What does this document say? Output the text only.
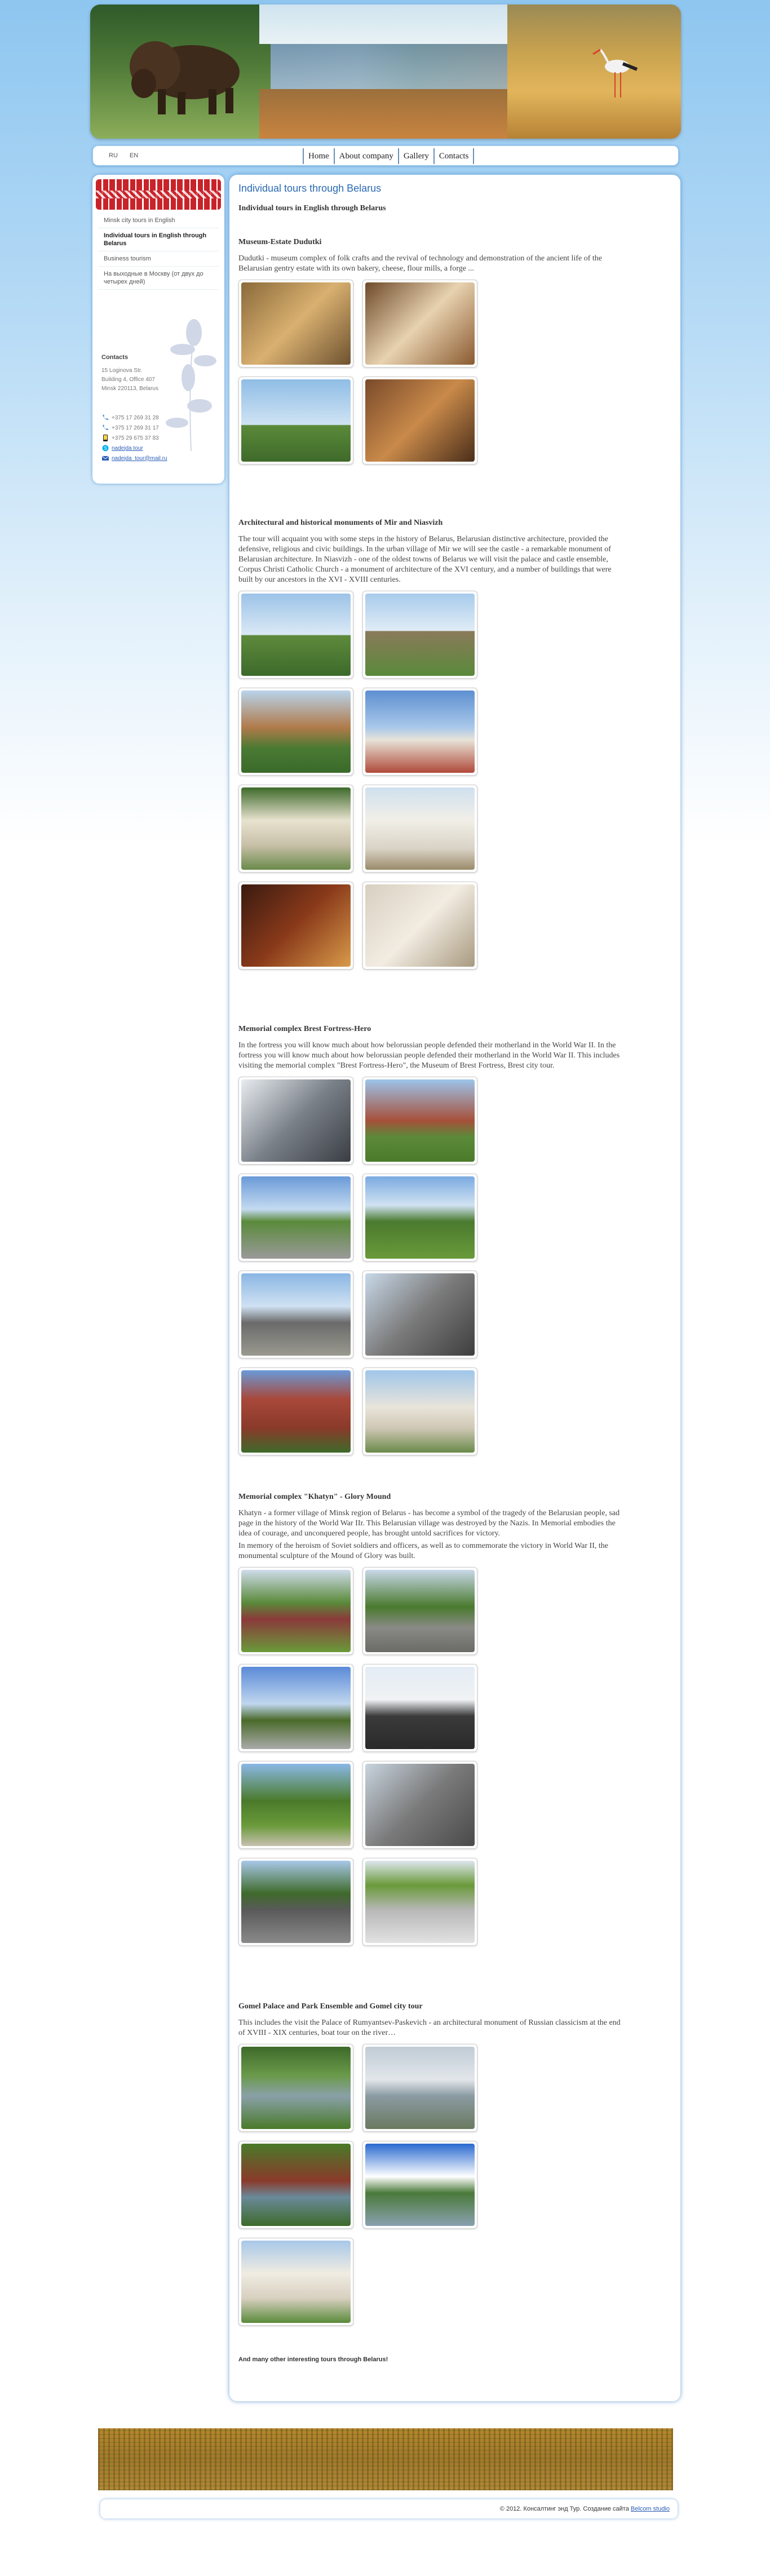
RU EN	Home	About company	Gallery	Contacts
Minsk city tours in English
Individual tours in English through Belarus
Business tourism
На выходные в Москву (от двух до четырех дней)
Contacts
15 Loginova Str.
Building 4, Office 407
Minsk 220113, Belarus
+375 17 269 31 28
+375 17 269 31 17
+375 29 675 37 83
S nadejda tour
nadejda_tour@mail.ru
Individual tours through Belarus
Individual tours in English through Belarus
Museum-Estate Dudutki

Dudutki - museum complex of folk crafts and the revival of technology and demonstration of the ancient life of the Belarusian gentry estate with its own bakery, cheese, flour mills, a forge ...

Architectural and historical monuments of Mir and Niasvizh

The tour will acquaint you with some steps in the history of Belarus, Belarusian distinctive architecture, provided the defensive, religious and civic buildings. In the urban village of Mir we will see the castle - a remarkable monument of Belarusian architecture. In Niasvizh - one of the oldest towns of Belarus we will visit the palace and castle ensemble, Corpus Christi Catholic Church - a monument of architecture of the XVI century, and a number of buildings that were built by our ancestors in the XVI - XVIII centuries.

Memorial complex Brest Fortress-Hero

In the fortress you will know much about how belorussian people defended their motherland in the World War II. In the fortress you will know much about how belorussian people defended their motherland in the World War II. This includes visiting the memorial complex "Brest Fortress-Hero", the Museum of Brest Fortress, Brest city tour.

Memorial complex "Khatyn" - Glory Mound

Khatyn - a former village of Minsk region of Belarus - has become a symbol of the tragedy of the Belarusian people, sad page in the history of the World War IIr. This Belarusian village was destroyed by the Nazis. In Memorial embodies the idea of courage, and unconquered people, has brought untold sacrifices for victory.

In memory of the heroism of Soviet soldiers and officers, as well as to commemorate the victory in World War II, the monumental sculpture of the Mound of Glory was built.

Gomel Palace and Park Ensemble and Gomel city tour

This includes the visit the Palace of Rumyantsev-Paskevich - an architectural monument of Russian classicism at the end of XVIII - XIX centuries, boat tour on the river…

And many other interesting tours through Belarus!
© 2012. Консалтинг энд Тур. Создание сайта Belcom studio
